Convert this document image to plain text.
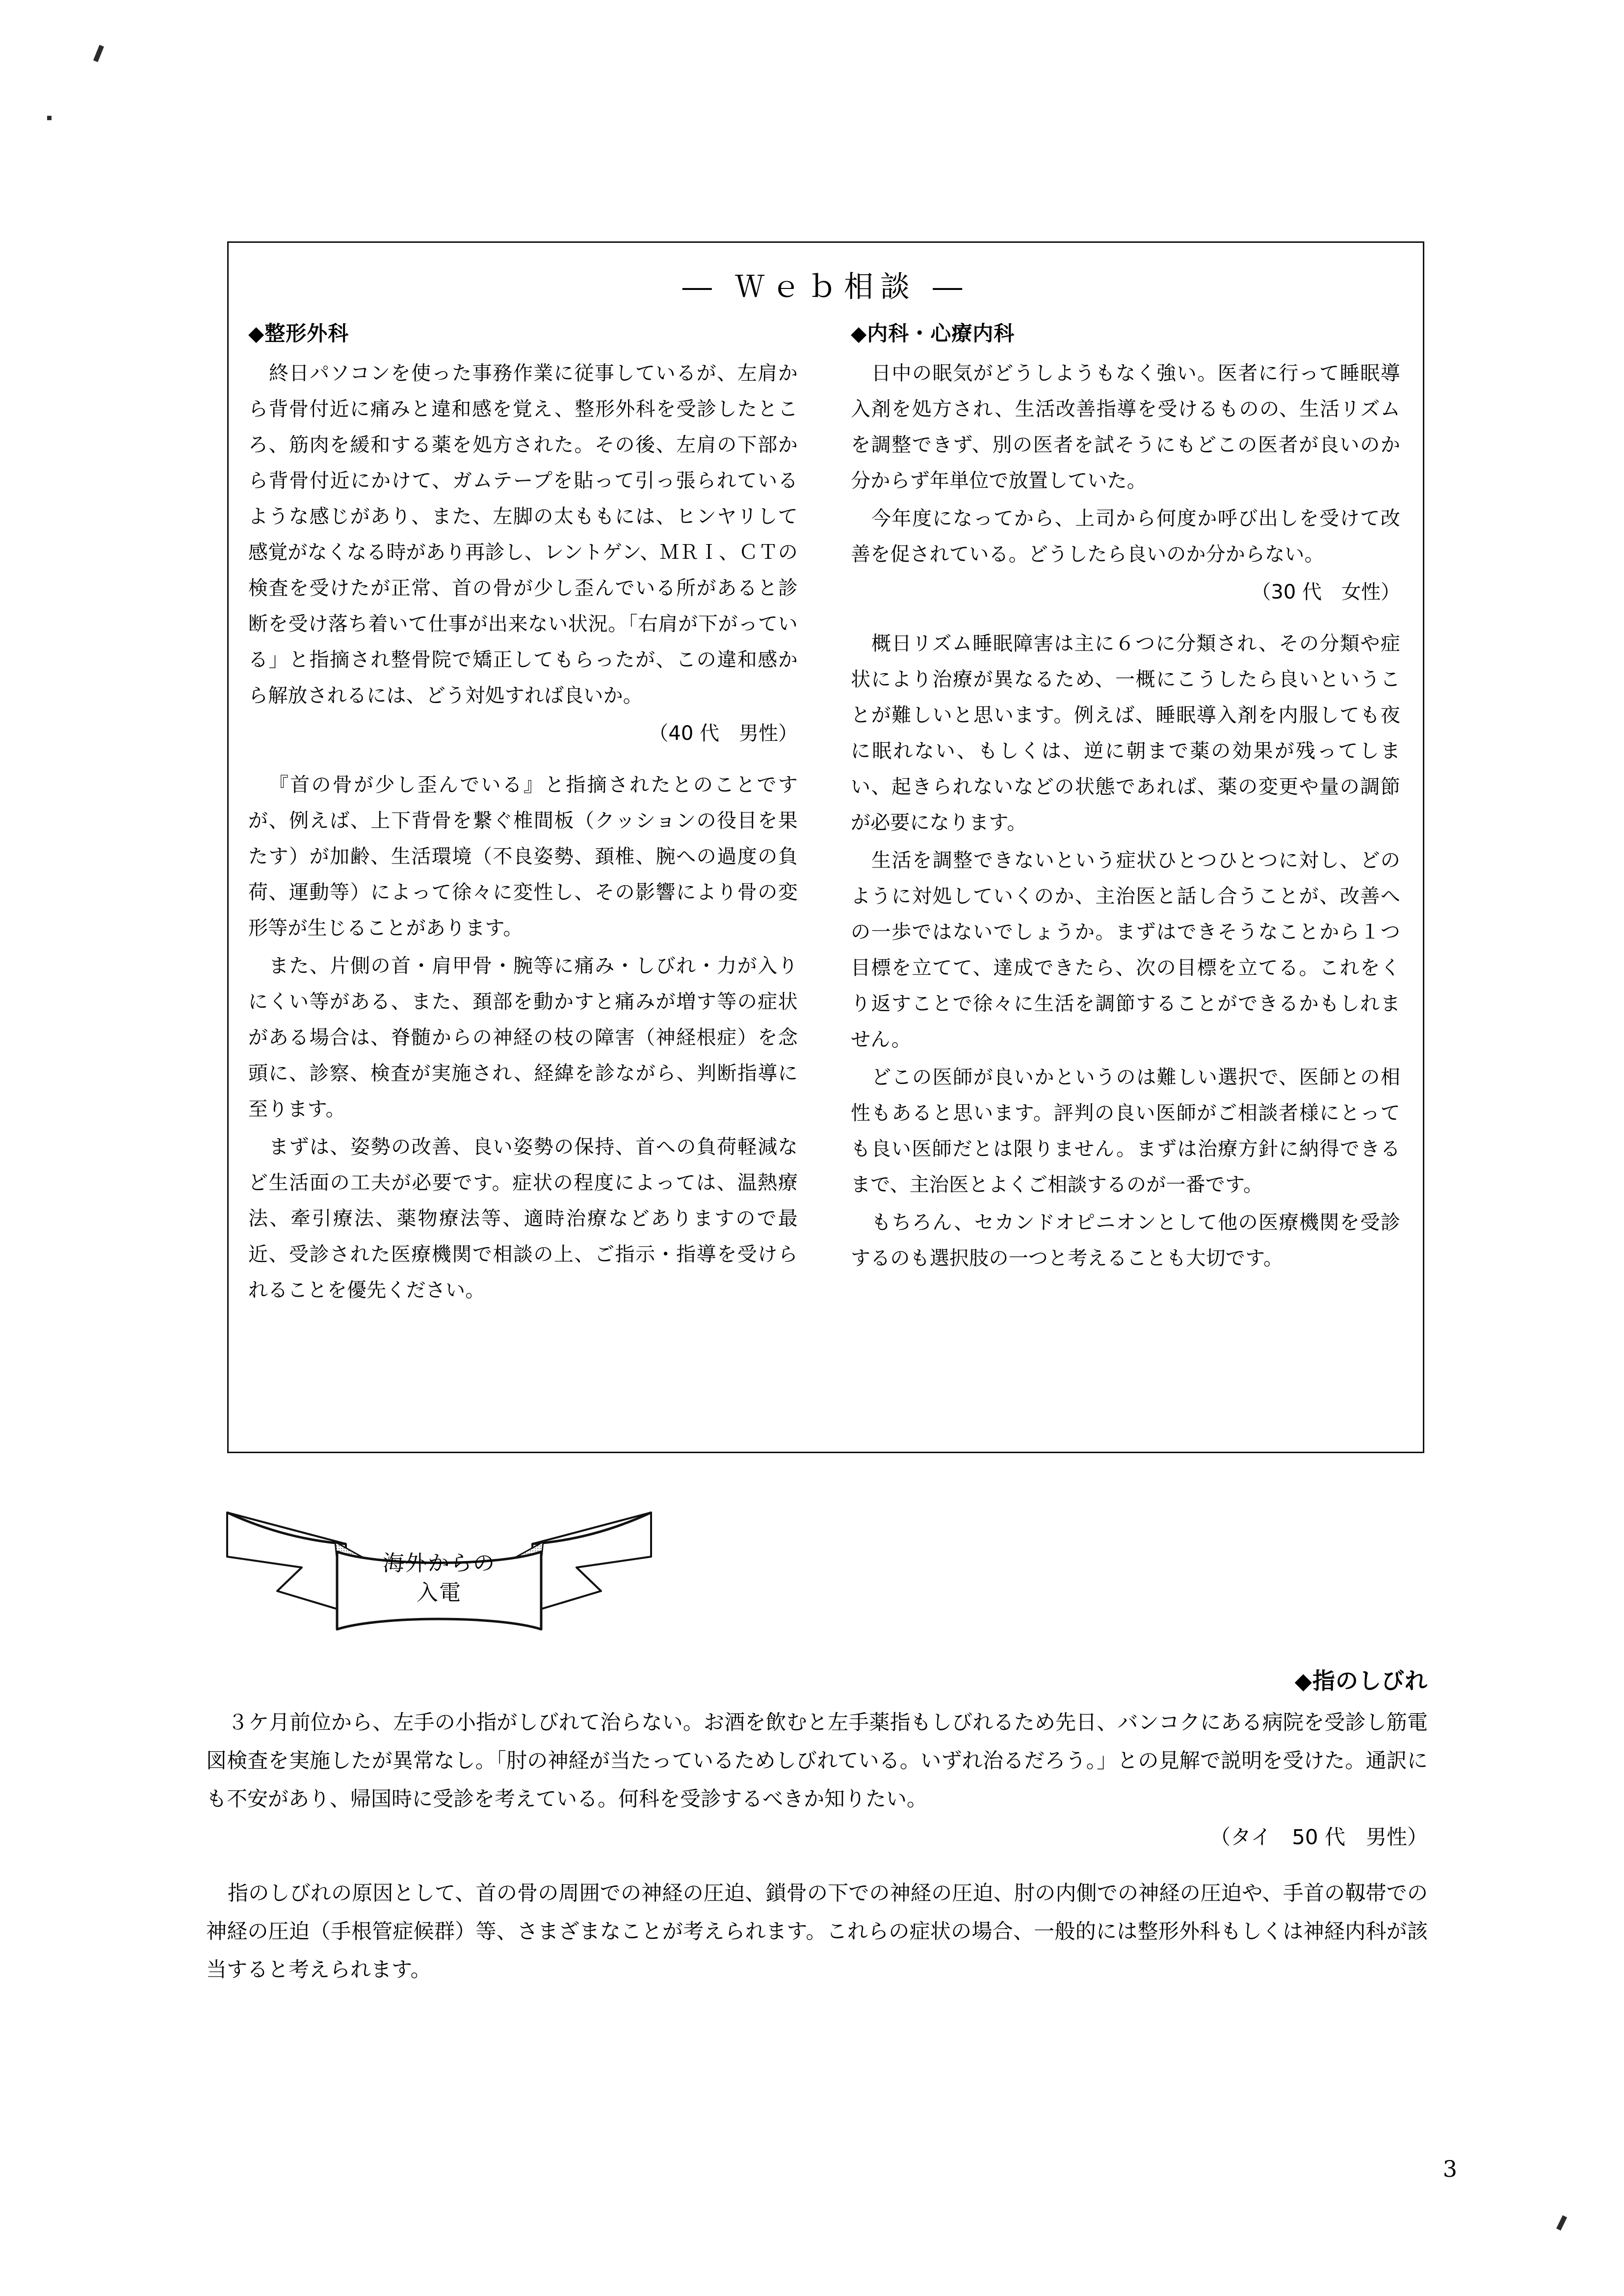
― Ｗｅｂ相談 ―
◆整形外科

終日パソコンを使った事務作業に従事しているが、左肩から背骨付近に痛みと違和感を覚え、整形外科を受診したところ、筋肉を緩和する薬を処方された。その後、左肩の下部から背骨付近にかけて、ガムテープを貼って引っ張られているような感じがあり、また、左脚の太ももには、ヒンヤリして感覚がなくなる時があり再診し、レントゲン、ＭＲＩ、ＣＴの検査を受けたが正常、首の骨が少し歪んでいる所があると診断を受け落ち着いて仕事が出来ない状況。「右肩が下がっている」と指摘され整骨院で矯正してもらったが、この違和感から解放されるには、どう対処すれば良いか。

（40 代　男性）

『首の骨が少し歪んでいる』と指摘されたとのことですが、例えば、上下背骨を繋ぐ椎間板（クッションの役目を果たす）が加齢、生活環境（不良姿勢、頚椎、腕への過度の負荷、運動等）によって徐々に変性し、その影響により骨の変形等が生じることがあります。

また、片側の首・肩甲骨・腕等に痛み・しびれ・力が入りにくい等がある、また、頚部を動かすと痛みが増す等の症状がある場合は、脊髄からの神経の枝の障害（神経根症）を念頭に、診察、検査が実施され、経緯を診ながら、判断指導に至ります。

まずは、姿勢の改善、良い姿勢の保持、首への負荷軽減など生活面の工夫が必要です。症状の程度によっては、温熱療法、牽引療法、薬物療法等、適時治療などありますので最近、受診された医療機関で相談の上、ご指示・指導を受けられることを優先ください。

◆内科・心療内科

日中の眠気がどうしようもなく強い。医者に行って睡眠導入剤を処方され、生活改善指導を受けるものの、生活リズムを調整できず、別の医者を試そうにもどこの医者が良いのか分からず年単位で放置していた。

今年度になってから、上司から何度か呼び出しを受けて改善を促されている。どうしたら良いのか分からない。

（30 代　女性）

概日リズム睡眠障害は主に６つに分類され、その分類や症状により治療が異なるため、一概にこうしたら良いということが難しいと思います。例えば、睡眠導入剤を内服しても夜に眠れない、もしくは、逆に朝まで薬の効果が残ってしまい、起きられないなどの状態であれば、薬の変更や量の調節が必要になります。

生活を調整できないという症状ひとつひとつに対し、どのように対処していくのか、主治医と話し合うことが、改善への一歩ではないでしょうか。まずはできそうなことから１つ目標を立てて、達成できたら、次の目標を立てる。これをくり返すことで徐々に生活を調節することができるかもしれません。

どこの医師が良いかというのは難しい選択で、医師との相性もあると思います。評判の良い医師がご相談者様にとっても良い医師だとは限りません。まずは治療方針に納得できるまで、主治医とよくご相談するのが一番です。

もちろん、セカンドオピニオンとして他の医療機関を受診するのも選択肢の一つと考えることも大切です。

海外からの
入電
◆指のしびれ

３ケ月前位から、左手の小指がしびれて治らない。お酒を飲むと左手薬指もしびれるため先日、バンコクにある病院を受診し筋電図検査を実施したが異常なし。「肘の神経が当たっているためしびれている。いずれ治るだろう。」との見解で説明を受けた。通訳にも不安があり、帰国時に受診を考えている。何科を受診するべきか知りたい。

（タイ　50 代　男性）

指のしびれの原因として、首の骨の周囲での神経の圧迫、鎖骨の下での神経の圧迫、肘の内側での神経の圧迫や、手首の靱帯での神経の圧迫（手根管症候群）等、さまざまなことが考えられます。これらの症状の場合、一般的には整形外科もしくは神経内科が該当すると考えられます。

3
